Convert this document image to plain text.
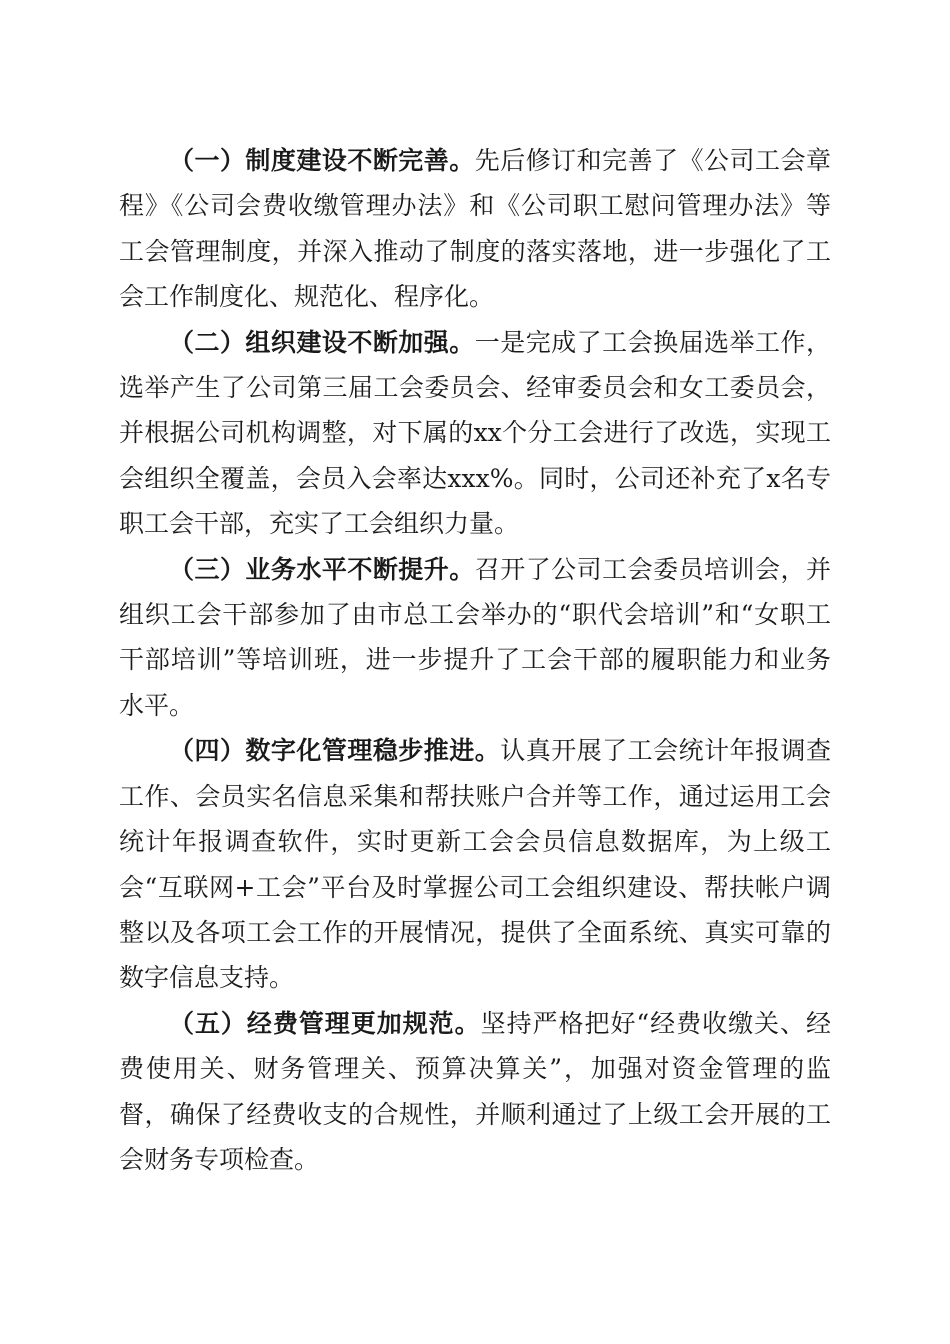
（一）制度建设不断完善。先后修订和完善了《公司工会章程》《公司会费收缴管理办法》和《公司职工慰问管理办法》等工会管理制度，并深入推动了制度的落实落地，进一步强化了工会工作制度化、规范化、程序化。

（二）组织建设不断加强。一是完成了工会换届选举工作，选举产生了公司第三届工会委员会、经审委员会和女工委员会，并根据公司机构调整，对下属的xx个分工会进行了改选，实现工会组织全覆盖，会员入会率达xxx%。同时，公司还补充了x名专职工会干部，充实了工会组织力量。

（三）业务水平不断提升。召开了公司工会委员培训会，并组织工会干部参加了由市总工会举办的“职代会培训”和“女职工干部培训”等培训班，进一步提升了工会干部的履职能力和业务水平。

（四）数字化管理稳步推进。认真开展了工会统计年报调查工作、会员实名信息采集和帮扶账户合并等工作，通过运用工会统计年报调查软件，实时更新工会会员信息数据库，为上级工会“互联网+工会”平台及时掌握公司工会组织建设、帮扶帐户调整以及各项工会工作的开展情况，提供了全面系统、真实可靠的数字信息支持。

（五）经费管理更加规范。坚持严格把好“经费收缴关、经费使用关、财务管理关、预算决算关”，加强对资金管理的监督，确保了经费收支的合规性，并顺利通过了上级工会开展的工会财务专项检查。
